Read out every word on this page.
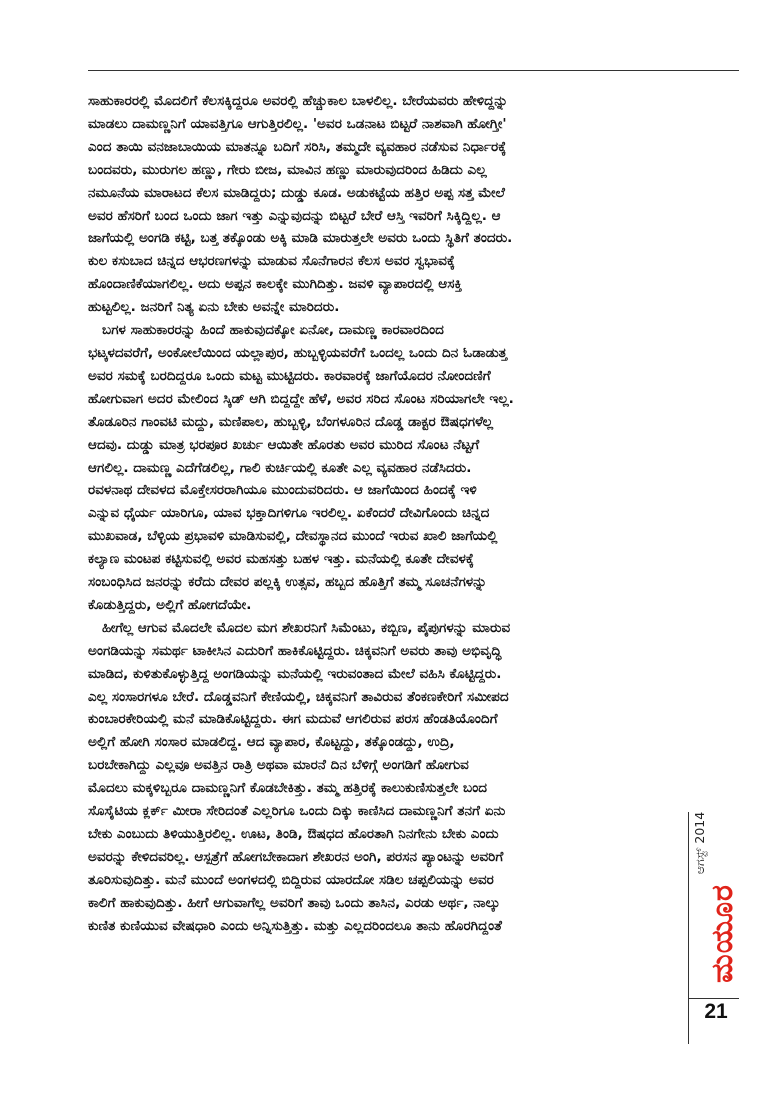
ಸಾಹುಕಾರರಲ್ಲಿ ಮೊದಲಿಗೆ ಕೆಲಸಕ್ಕಿದ್ದರೂ ಅವರಲ್ಲಿ ಹೆಚ್ಚುಕಾಲ ಬಾಳಲಿಲ್ಲ. ಬೇರೆಯವರು ಹೇಳಿದ್ದನ್ನು
ಮಾಡಲು ದಾಮಣ್ಣನಿಗೆ ಯಾವತ್ತಿಗೂ ಆಗುತ್ತಿರಲಿಲ್ಲ. 'ಅವರ ಒಡನಾಟ ಬಿಟ್ಟರೆ ನಾಶವಾಗಿ ಹೋಗ್ತೀ'
ಎಂದ ತಾಯಿ ವನಜಾಬಾಯಿಯ ಮಾತನ್ನೂ ಬದಿಗೆ ಸರಿಸಿ, ತಮ್ಮದೇ ವ್ಯವಹಾರ ನಡೆಸುವ ನಿರ್ಧಾರಕ್ಕೆ
ಬಂದವರು, ಮುರುಗಲ ಹಣ್ಣು, ಗೇರು ಬೀಜ, ಮಾವಿನ ಹಣ್ಣು ಮಾರುವುದರಿಂದ ಹಿಡಿದು ಎಲ್ಲ
ನಮೂನೆಯ ಮಾರಾಟದ ಕೆಲಸ ಮಾಡಿದ್ದರು; ದುಡ್ಡು ಕೂಡ. ಅಡುಕಟ್ಟೆಯ ಹತ್ತಿರ ಅಪ್ಪ ಸತ್ತ ಮೇಲೆ
ಅವರ ಹೆಸರಿಗೆ ಬಂದ ಒಂದು ಜಾಗ ಇತ್ತು ಎನ್ನುವುದನ್ನು ಬಿಟ್ಟರೆ ಬೇರೆ ಆಸ್ತಿ ಇವರಿಗೆ ಸಿಕ್ಕಿದ್ದಿಲ್ಲ. ಆ
ಜಾಗೆಯಲ್ಲಿ ಅಂಗಡಿ ಕಟ್ಟಿ, ಬತ್ತ ತಕ್ಕೊಂಡು ಅಕ್ಕಿ ಮಾಡಿ ಮಾರುತ್ತಲೇ ಅವರು ಒಂದು ಸ್ಥಿತಿಗೆ ತಂದರು.
ಕುಲ ಕಸುಬಾದ ಚಿನ್ನದ ಆಭರಣಗಳನ್ನು ಮಾಡುವ ಸೊನೆಗಾರನ ಕೆಲಸ ಅವರ ಸ್ವಭಾವಕ್ಕೆ
ಹೊಂದಾಣಿಕೆಯಾಗಲಿಲ್ಲ. ಅದು ಅಪ್ಪನ ಕಾಲಕ್ಕೇ ಮುಗಿದಿತ್ತು. ಜವಳಿ ವ್ಯಾಪಾರದಲ್ಲಿ ಆಸಕ್ತಿ
ಹುಟ್ಟಲಿಲ್ಲ. ಜನರಿಗೆ ನಿತ್ಯ ಏನು ಬೇಕು ಅವನ್ನೇ ಮಾರಿದರು.

ಬಗಳ ಸಾಹುಕಾರರನ್ನು ಹಿಂದೆ ಹಾಕುವುದಕ್ಕೋ ಏನೋ, ದಾಮಣ್ಣ ಕಾರವಾರದಿಂದ
ಭಟ್ಕಳದವರೆಗೆ, ಅಂಕೋಲೆಯಿಂದ ಯಲ್ಲಾಪುರ, ಹುಬ್ಬಳ್ಳಿಯವರೆಗೆ ಒಂದಲ್ಲ ಒಂದು ದಿನ ಓಡಾಡುತ್ತ
ಅವರ ಸಮಕ್ಕೆ ಬರದಿದ್ದರೂ ಒಂದು ಮಟ್ಟ ಮುಟ್ಟಿದರು. ಕಾರವಾರಕ್ಕೆ ಜಾಗೆಯೊದರ ನೋಂದಣಿಗೆ
ಹೋಗುವಾಗ ಅದರ ಮೇಲಿಂದ ಸ್ಕಿಡ್ ಆಗಿ ಬಿದ್ದದ್ದೇ ಹೆಳೆ, ಅವರ ಸರಿದ ಸೊಂಟ ಸರಿಯಾಗಲೇ ಇಲ್ಲ.
ತೊಡೂರಿನ ಗಾಂವಟಿ ಮದ್ದು, ಮಣಿಪಾಲ, ಹುಬ್ಬಳ್ಳಿ, ಬೆಂಗಳೂರಿನ ದೊಡ್ಡ ಡಾಕ್ಟರ ಔಷಧಗಳೆಲ್ಲ
ಆದವು. ದುಡ್ಡು ಮಾತ್ರ ಭರಪೂರ ಖರ್ಚು ಆಯಿತೇ ಹೊರತು ಅವರ ಮುರಿದ ಸೊಂಟ ನೆಟ್ಟಗೆ
ಆಗಲಿಲ್ಲ. ದಾಮಣ್ಣ ಎದೆಗೆಡಲಿಲ್ಲ, ಗಾಲಿ ಕುರ್ಚಿಯಲ್ಲಿ ಕೂತೇ ಎಲ್ಲ ವ್ಯವಹಾರ ನಡೆಸಿದರು.
ರವಳನಾಥ ದೇವಳದ ಮೊಕ್ತೇಸರರಾಗಿಯೂ ಮುಂದುವರಿದರು. ಆ ಜಾಗೆಯಿಂದ ಹಿಂದಕ್ಕೆ ಇಳಿ
ಎನ್ನುವ ಧೈರ್ಯ ಯಾರಿಗೂ, ಯಾವ ಭಕ್ತಾದಿಗಳಿಗೂ ಇರಲಿಲ್ಲ. ಏಕೆಂದರೆ ದೇವಿಗೊಂದು ಚಿನ್ನದ
ಮುಖವಾಡ, ಬೆಳ್ಳಿಯ ಪ್ರಭಾವಳಿ ಮಾಡಿಸುವಲ್ಲಿ, ದೇವಸ್ಥಾನದ ಮುಂದೆ ಇರುವ ಖಾಲಿ ಜಾಗೆಯಲ್ಲಿ
ಕಲ್ಯಾಣ ಮಂಟಪ ಕಟ್ಟಿಸುವಲ್ಲಿ ಅವರ ಮಹಸತ್ತು ಬಹಳ ಇತ್ತು. ಮನೆಯಲ್ಲಿ ಕೂತೇ ದೇವಳಕ್ಕೆ
ಸಂಬಂಧಿಸಿದ ಜನರನ್ನು ಕರೆದು ದೇವರ ಪಲ್ಲಕ್ಕಿ ಉತ್ಸವ, ಹಬ್ಬದ ಹೊತ್ತಿಗೆ ತಮ್ಮ ಸೂಚನೆಗಳನ್ನು
ಕೊಡುತ್ತಿದ್ದರು, ಅಲ್ಲಿಗೆ ಹೋಗದೆಯೇ.

ಹೀಗೆಲ್ಲ ಆಗುವ ಮೊದಲೇ ಮೊದಲ ಮಗ ಶೇಖರನಿಗೆ ಸಿಮೆಂಟು, ಕಬ್ಬಿಣ, ಪೈಪುಗಳನ್ನು ಮಾರುವ
ಅಂಗಡಿಯನ್ನು ಸಮರ್ಥ ಟಾಕೀಸಿನ ಎದುರಿಗೆ ಹಾಕಿಕೊಟ್ಟಿದ್ದರು. ಚಿಕ್ಕವನಿಗೆ ಅವರು ತಾವು ಅಭಿವೃದ್ಧಿ
ಮಾಡಿದ, ಕುಳಿತುಕೊಳ್ಳುತ್ತಿದ್ದ ಅಂಗಡಿಯನ್ನು ಮನೆಯಲ್ಲಿ ಇರುವಂತಾದ ಮೇಲೆ ವಹಿಸಿ ಕೊಟ್ಟಿದ್ದರು.
ಎಲ್ಲ ಸಂಸಾರಗಳೂ ಬೇರೆ. ದೊಡ್ಡವನಿಗೆ ಕೇಣಿಯಲ್ಲಿ, ಚಿಕ್ಕವನಿಗೆ ತಾವಿರುವ ತೆಂಕಣಕೇರಿಗೆ ಸಮೀಪದ
ಕುಂಬಾರಕೇರಿಯಲ್ಲಿ ಮನೆ ಮಾಡಿಕೊಟ್ಟಿದ್ದರು. ಈಗ ಮದುವೆ ಆಗಲಿರುವ ಪರಸ ಹೆಂಡತಿಯೊಂದಿಗೆ
ಅಲ್ಲಿಗೆ ಹೋಗಿ ಸಂಸಾರ ಮಾಡಲಿದ್ದ. ಆದ ವ್ಯಾಪಾರ, ಕೊಟ್ಟದ್ದು, ತಕ್ಕೊಂಡದ್ದು, ಉದ್ರಿ,
ಬರಬೇಕಾಗಿದ್ದು ಎಲ್ಲವೂ ಅವತ್ತಿನ ರಾತ್ರಿ ಅಥವಾ ಮಾರನೆ ದಿನ ಬೆಳಿಗ್ಗೆ ಅಂಗಡಿಗೆ ಹೋಗುವ
ಮೊದಲು ಮಕ್ಕಳಿಬ್ಬರೂ ದಾಮಣ್ಣನಿಗೆ ಕೊಡಬೇಕಿತ್ತು. ತಮ್ಮ ಹತ್ತಿರಕ್ಕೆ ಕಾಲುಕುಣಿಸುತ್ತಲೇ ಬಂದ
ಸೊಸೈಟಿಯ ಕ್ಲರ್ಕ್ ಮೀರಾ ಸೇರಿದಂತೆ ಎಲ್ಲರಿಗೂ ಒಂದು ದಿಕ್ಕು ಕಾಣಿಸಿದ ದಾಮಣ್ಣನಿಗೆ ತನಗೆ ಏನು
ಬೇಕು ಎಂಬುದು ತಿಳಿಯುತ್ತಿರಲಿಲ್ಲ. ಊಟ, ತಿಂಡಿ, ಔಷಧದ ಹೊರತಾಗಿ ನಿನಗೇನು ಬೇಕು ಎಂದು
ಅವರನ್ನು ಕೇಳಿದವರಿಲ್ಲ. ಆಸ್ಪತ್ರೆಗೆ ಹೋಗಬೇಕಾದಾಗ ಶೇಖರನ ಅಂಗಿ, ಪರಸನ ಪ್ಯಾಂಟನ್ನು ಅವರಿಗೆ
ತೂರಿಸುವುದಿತ್ತು. ಮನೆ ಮುಂದೆ ಅಂಗಳದಲ್ಲಿ ಬಿದ್ದಿರುವ ಯಾರದೋ ಸಡಿಲ ಚಪ್ಪಲಿಯನ್ನು ಅವರ
ಕಾಲಿಗೆ ಹಾಕುವುದಿತ್ತು. ಹೀಗೆ ಆಗುವಾಗೆಲ್ಲ ಅವರಿಗೆ ತಾವು ಒಂದು ತಾಸಿನ, ಎರಡು ಅರ್ಥ, ನಾಲ್ಕು
ಕುಣಿತ ಕುಣಿಯುವ ವೇಷಧಾರಿ ಎಂದು ಅನ್ನಿಸುತ್ತಿತ್ತು. ಮತ್ತು ಎಲ್ಲದರಿಂದಲೂ ತಾನು ಹೊರಗಿದ್ದಂತೆ

ಆಗಸ್ಟ್ 2014
ಮಯೂರ
21
